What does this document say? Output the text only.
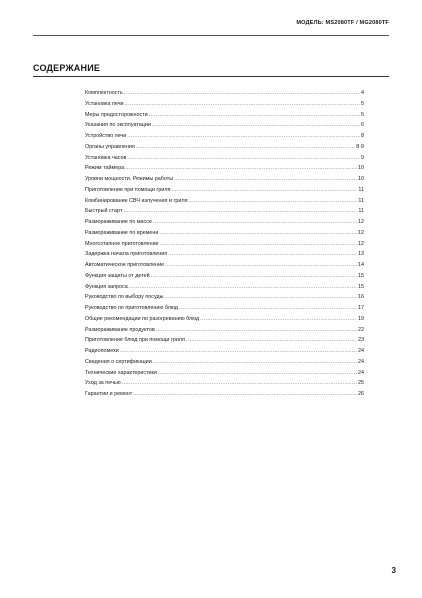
МОДЕЛЬ: MS2080TF / MG2080TF
СОДЕРЖАНИЕ
Комплектность .....	4
Установка печи .....	5
Меры предосторожности .....	5
Указания по эксплуатации .....	6
Устройство печи .....	8
Органы управления .....	8-9
Установка часов .....	9
Режим таймера .....	10
Уровни мощности. Режимы работы .....	10
Приготовление при помощи гриля .....	11
Комбинирование СВЧ излучения и гриля .....	11
Быстрый старт .....	11
Размораживание по массе .....	12
Размораживание по времени .....	12
Многоэтапное приготовление .....	12
Задержка начала приготовления .....	13
Автоматическое приготовление .....	14
Функция защиты от детей .....	15
Функция запроса .....	15
Руководство по выбору посуды .....	16
Руководство по приготовлению блюд .....	17
Общие рекомендации по разогреванию блюд .....	19
Размораживание продуктов .....	22
Приготовление блюд при помощи гриля .....	23
Радиопомехи .....	24
Сведения о сертификации .....	24
Технические характеристики .....	24
Уход за печью .....	25
Гарантии и ремонт .....	26
3
